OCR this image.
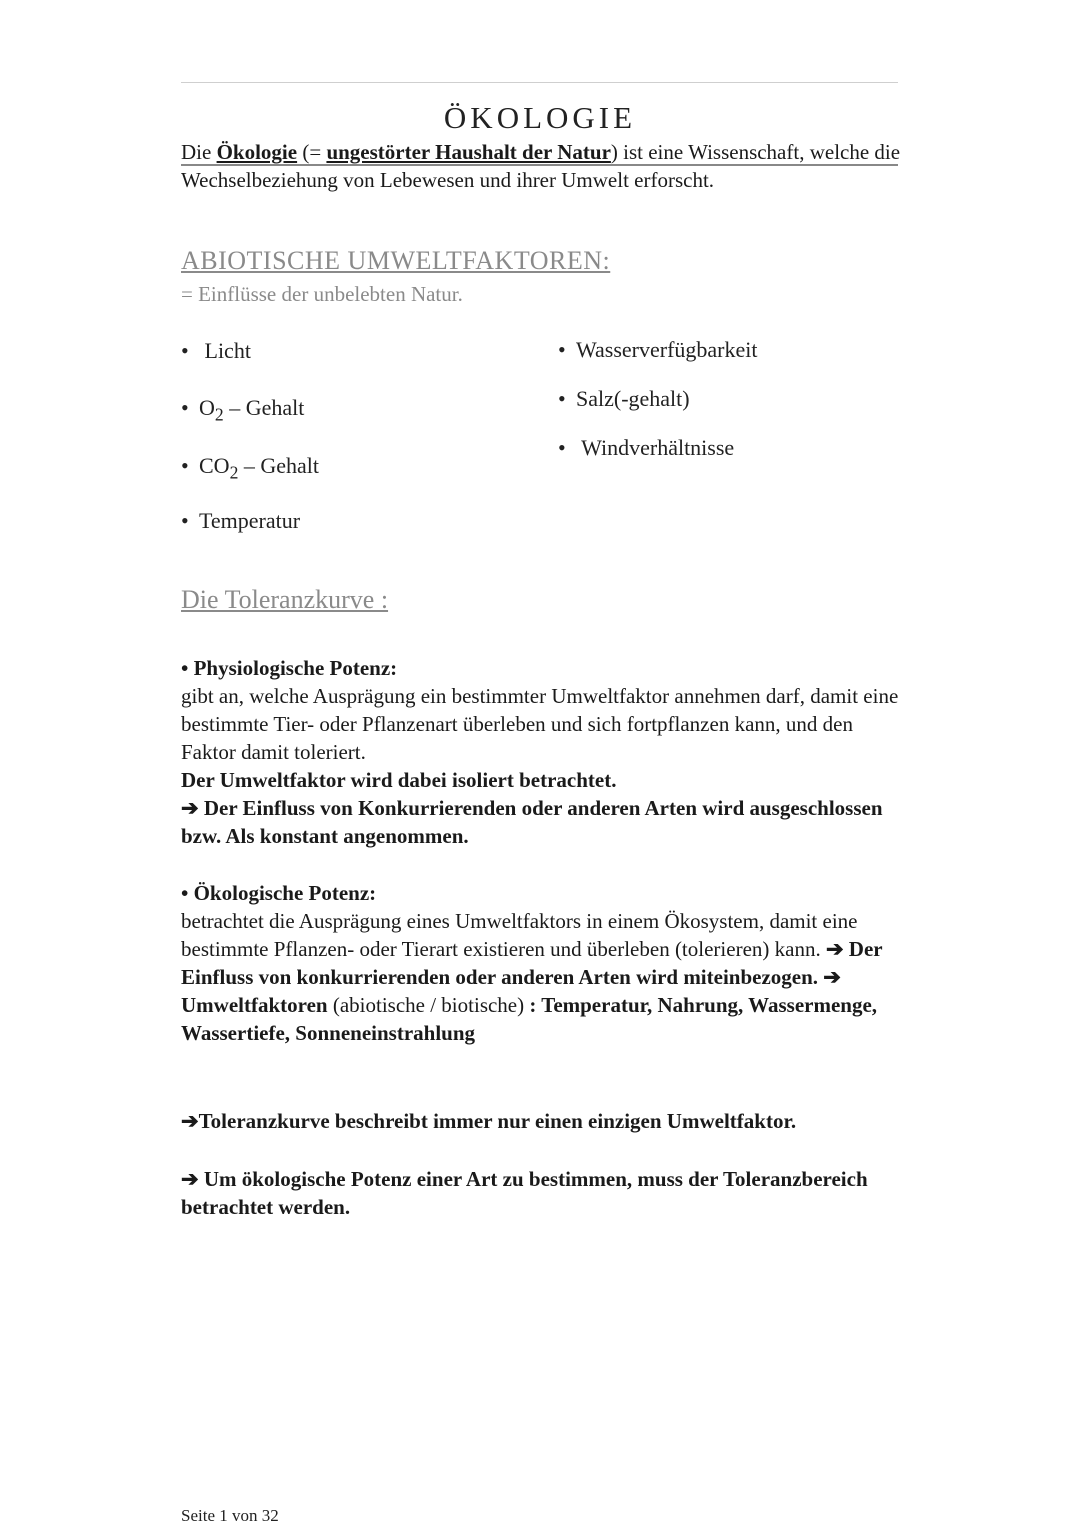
ÖKOLOGIE
Die Ökologie (= ungestörter Haushalt der Natur) ist eine Wissenschaft, welche die Wechselbeziehung von Lebewesen und ihrer Umwelt erforscht.
ABIOTISCHE UMWELTFAKTOREN:
= Einflüsse der unbelebten Natur.
• Licht
• $O_2$ – Gehalt
• $CO_2$ – Gehalt
• Temperatur
• Wasserverfügbarkeit
• Salz(-gehalt)
• Windverhältnisse
Die Toleranzkurve :
• Physiologische Potenz:
gibt an, welche Ausprägung ein bestimmter Umweltfaktor annehmen darf, damit eine bestimmte Tier- oder Pflanzenart überleben und sich fortpflanzen kann, und den Faktor damit toleriert.
Der Umweltfaktor wird dabei isoliert betrachtet.
➔ Der Einfluss von Konkurrierenden oder anderen Arten wird ausgeschlossen bzw. Als konstant angenommen.
• Ökologische Potenz:
betrachtet die Ausprägung eines Umweltfaktors in einem Ökosystem, damit eine bestimmte Pflanzen- oder Tierart existieren und überleben (tolerieren) kann. ➔ Der Einfluss von konkurrierenden oder anderen Arten wird miteinbezogen. ➔ Umweltfaktoren (abiotische / biotische) : Temperatur, Nahrung, Wassermenge, Wassertiefe, Sonneneinstrahlung
➔Toleranzkurve beschreibt immer nur einen einzigen Umweltfaktor.
➔ Um ökologische Potenz einer Art zu bestimmen, muss der Toleranzbereich betrachtet werden.
Seite 1 von 32
